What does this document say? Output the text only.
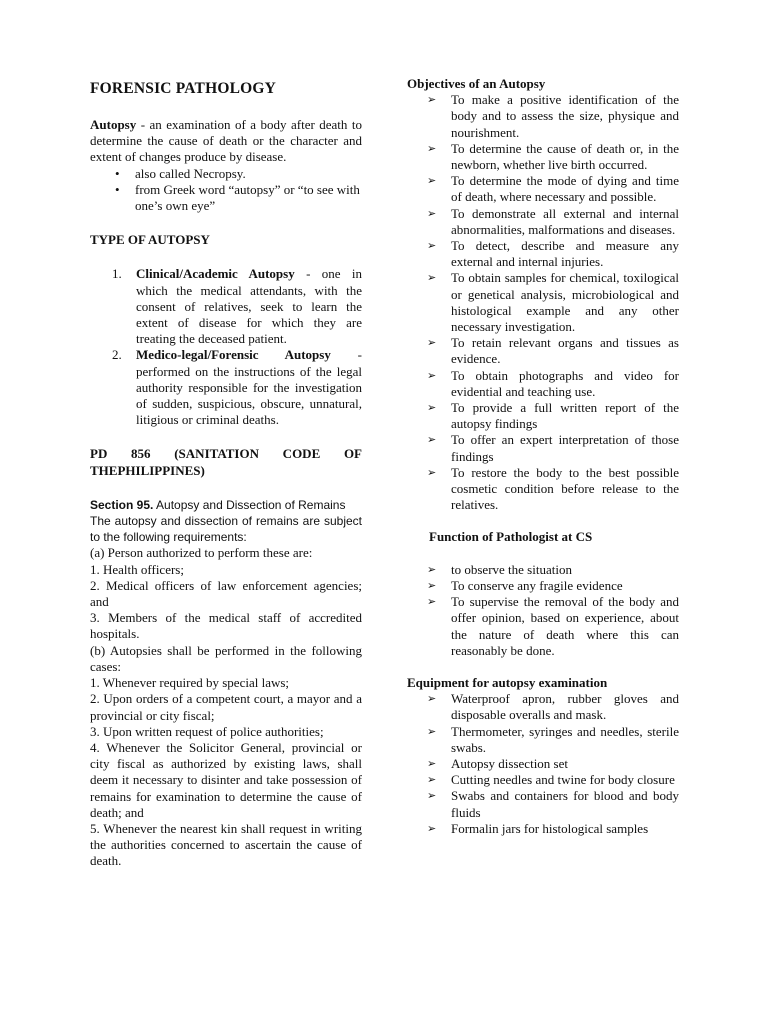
FORENSIC PATHOLOGY

Autopsy - an examination of a body after death to determine the cause of death or the character and extent of changes produce by disease.

• also called Necropsy.
• from Greek word “autopsy” or “to see with one’s own eye”
TYPE OF AUTOPSY
1. Clinical/Academic Autopsy - one in which the medical attendants, with the consent of relatives, seek to learn the extent of disease for which they are treating the deceased patient.
2. Medico-legal/Forensic Autopsy - performed on the instructions of the legal authority responsible for the investigation of sudden, suspicious, obscure, unnatural, litigious or criminal deaths.

PD 856 (SANITATION CODE OF THEPHILIPPINES)

Section 95. Autopsy and Dissection of Remains

The autopsy and dissection of remains are subject to the following requirements:

(a) Person authorized to perform these are:

1. Health officers;

2. Medical officers of law enforcement agencies; and

3. Members of the medical staff of accredited hospitals.

(b) Autopsies shall be performed in the following cases:

1. Whenever required by special laws;

2. Upon orders of a competent court, a mayor and a provincial or city fiscal;

3. Upon written request of police authorities;

4. Whenever the Solicitor General, provincial or city fiscal as authorized by existing laws, shall deem it necessary to disinter and take possession of remains for examination to determine the cause of death; and

5. Whenever the nearest kin shall request in writing the authorities concerned to ascertain the cause of death.

Objectives of an Autopsy
➢ To make a positive identification of the body and to assess the size, physique and nourishment.
➢ To determine the cause of death or, in the newborn, whether live birth occurred.
➢ To determine the mode of dying and time of death, where necessary and possible.
➢ To demonstrate all external and internal abnormalities, malformations and diseases.
➢ To detect, describe and measure any external and internal injuries.
➢ To obtain samples for chemical, toxilogical or genetical analysis, microbiological and histological example and any other necessary investigation.
➢ To retain relevant organs and tissues as evidence.
➢ To obtain photographs and video for evidential and teaching use.
➢ To provide a full written report of the autopsy findings
➢ To offer an expert interpretation of those findings
➢ To restore the body to the best possible cosmetic condition before release to the relatives.
Function of Pathologist at CS
➢ to observe the situation
➢ To conserve any fragile evidence
➢ To supervise the removal of the body and offer opinion, based on experience, about the nature of death where this can reasonably be done.
Equipment for autopsy examination
➢ Waterproof apron, rubber gloves and disposable overalls and mask.
➢ Thermometer, syringes and needles, sterile swabs.
➢ Autopsy dissection set
➢ Cutting needles and twine for body closure
➢ Swabs and containers for blood and body fluids
➢ Formalin jars for histological samples
